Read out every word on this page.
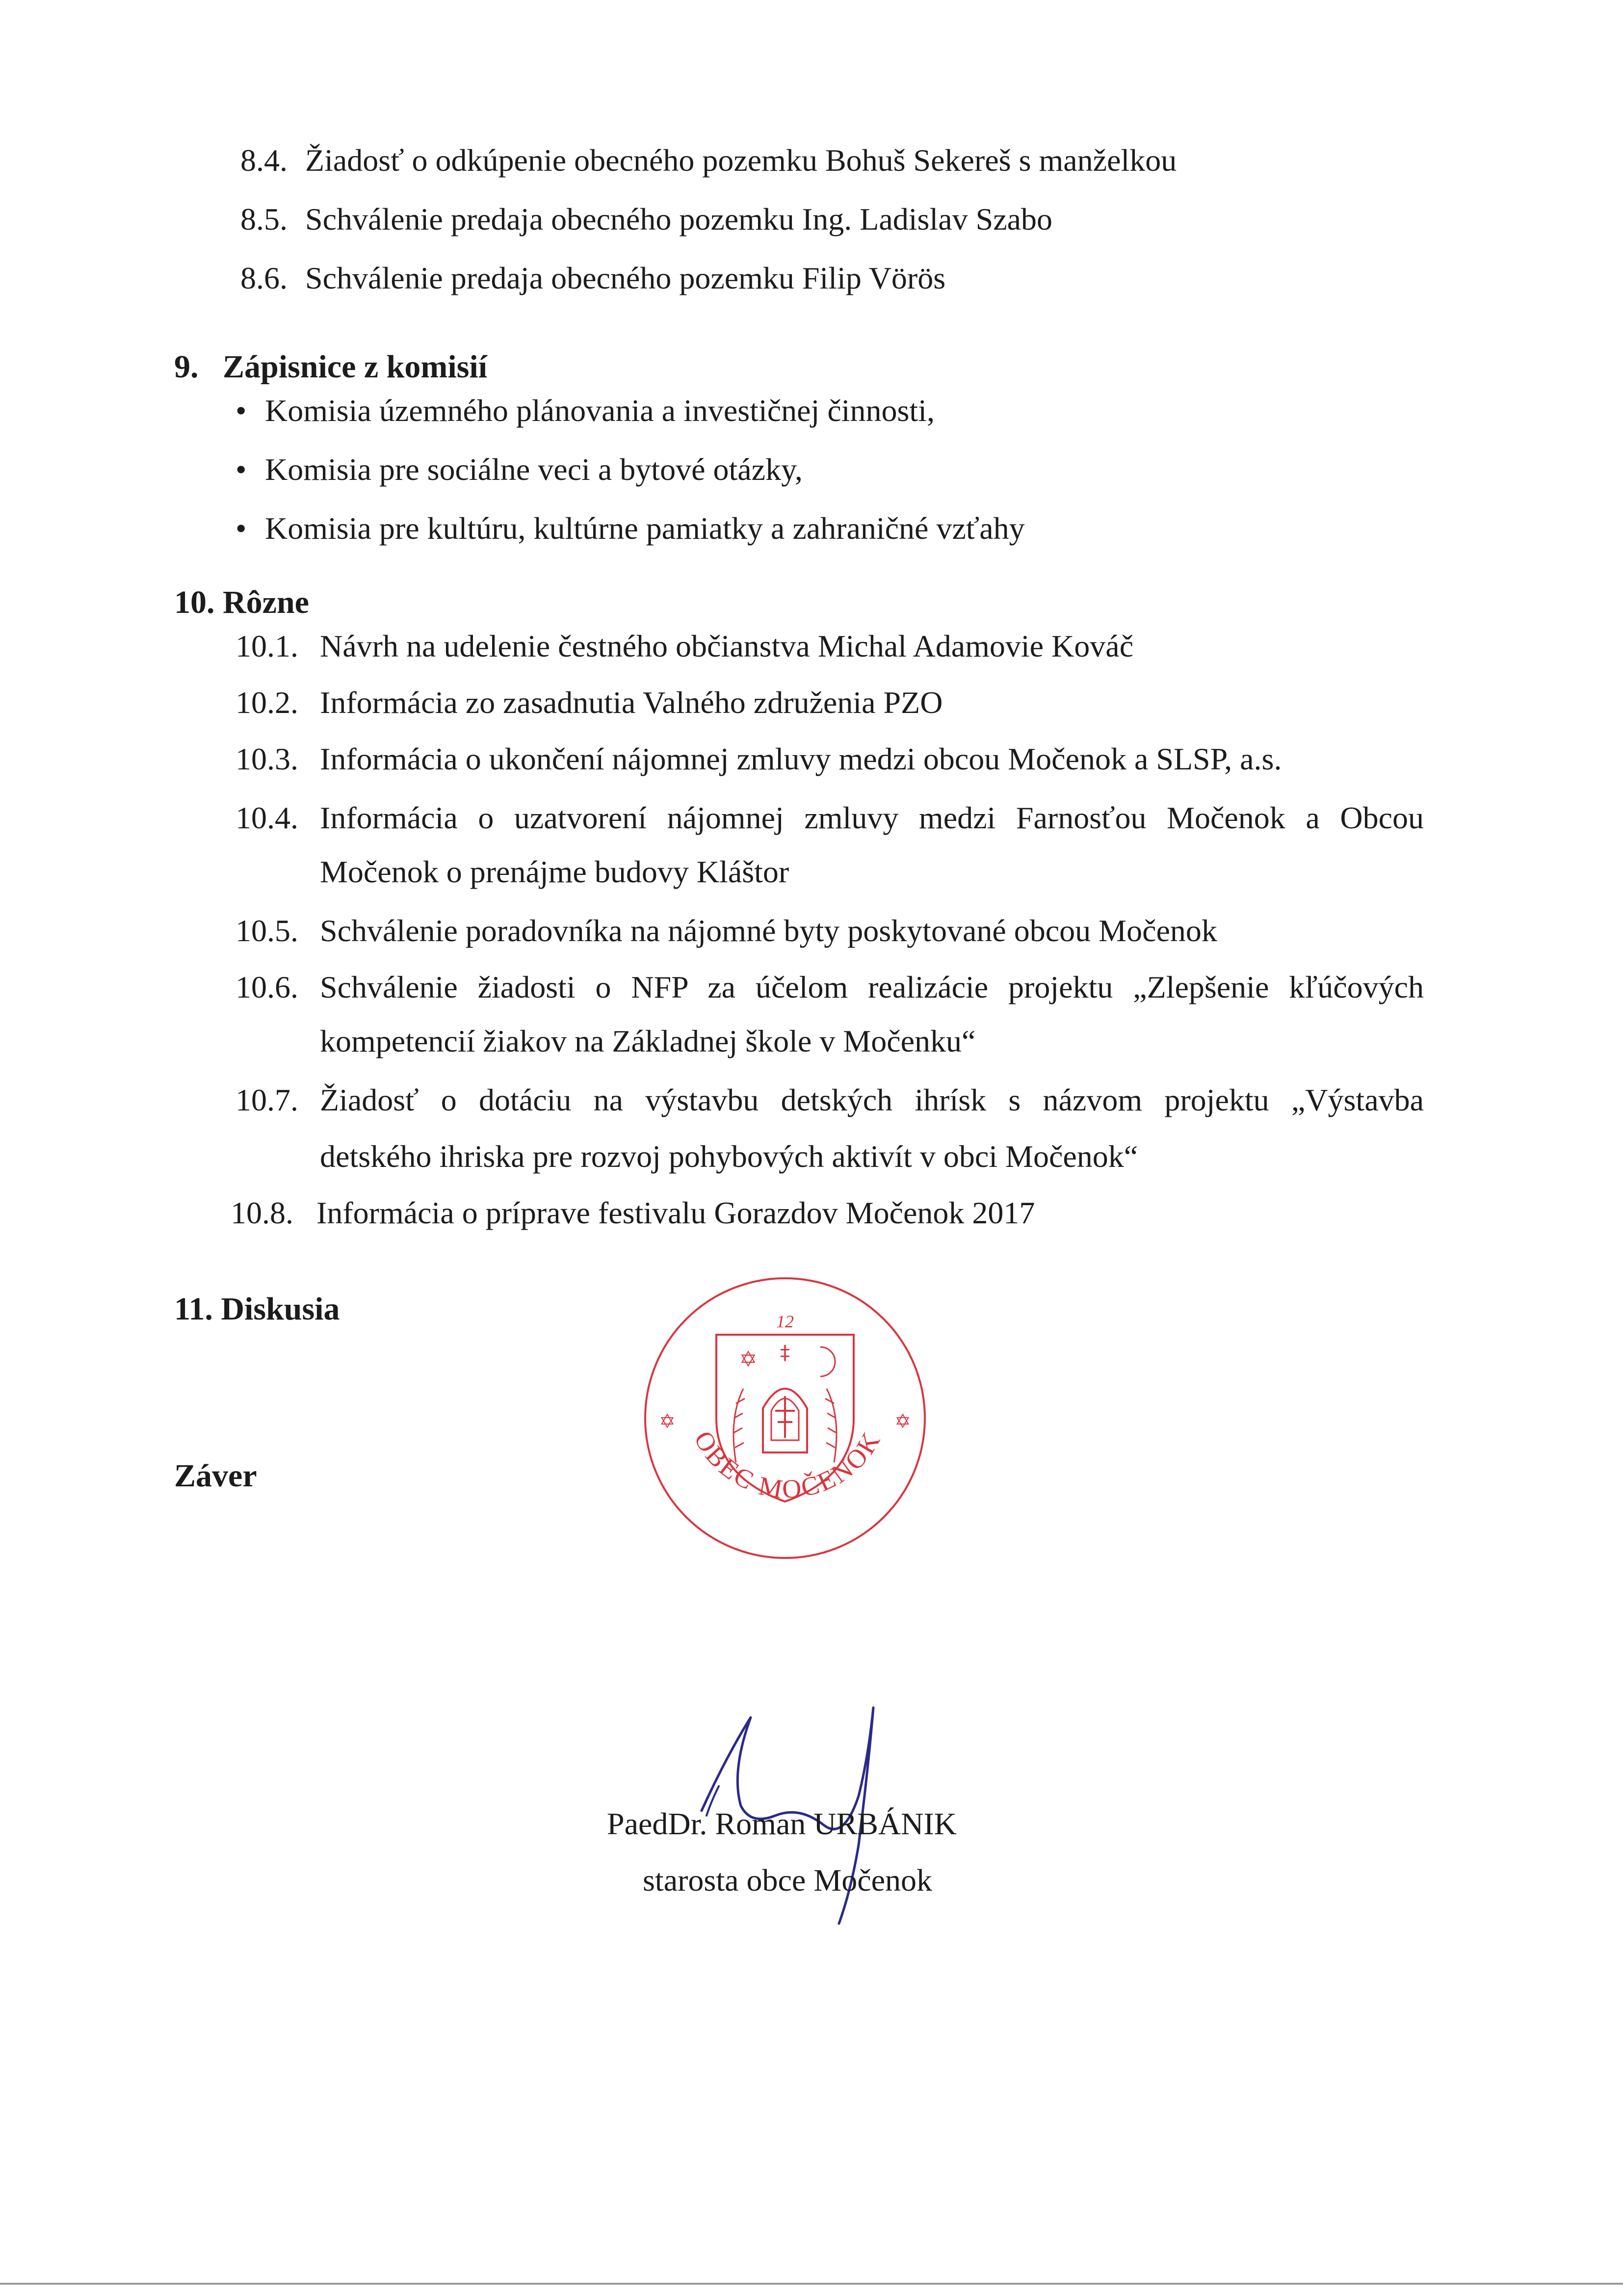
8.4. Žiadosť o odkúpenie obecného pozemku Bohuš Sekereš s manželkou
8.5. Schválenie predaja obecného pozemku Ing. Ladislav Szabo
8.6. Schválenie predaja obecného pozemku Filip Vörös
9.   Zápisnice z komisií
• Komisia územného plánovania a investičnej činnosti,
• Komisia pre sociálne veci a bytové otázky,
• Komisia pre kultúru, kultúrne pamiatky a zahraničné vzťahy
10. Rôzne
10.1. Návrh na udelenie čestného občianstva Michal Adamovie Kováč
10.2. Informácia zo zasadnutia Valného združenia PZO
10.3. Informácia o ukončení nájomnej zmluvy medzi obcou Močenok a SLSP, a.s.
10.4. Informácia o uzatvorení nájomnej zmluvy medzi Farnosťou Močenok a Obcou
Močenok o prenájme budovy Kláštor
10.5. Schválenie poradovníka na nájomné byty poskytované obcou Močenok
10.6. Schválenie žiadosti o NFP za účelom realizácie projektu „Zlepšenie kľúčových
kompetencií žiakov na Základnej škole v Močenku“
10.7. Žiadosť o dotáciu na výstavbu detských ihrísk s názvom projektu „Výstavba
detského ihriska pre rozvoj pohybových aktivít v obci Močenok“
10.8. Informácia o príprave festivalu Gorazdov Močenok 2017
11. Diskusia
Záver
12
✡ ‡
✡	✡
OBEC MOČENOK
PaedDr. Roman URBÁNIK
starosta obce Močenok
